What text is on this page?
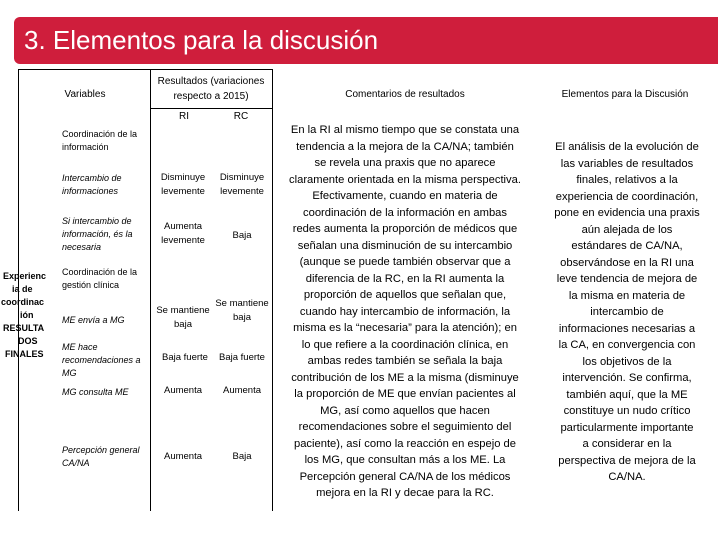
3. Elementos para la discusión
Variables
Resultados (variaciones respecto a 2015)
RI	RC
Comentarios de resultados	Elementos para la Discusión
Experienc
ia de
coordinac
ión
RESULTA
DOS
FINALES
Coordinación de la información
Intercambio de informaciones
Si intercambio de información, és la necesaria
Coordinación de la gestión clínica
ME envía a MG
ME hace recomendaciones a MG
MG consulta ME
Percepción general CA/NA
Disminuye levemente
Aumenta levemente
Se mantiene baja
Baja fuerte
Aumenta
Aumenta
Disminuye levemente
Baja
Se mantiene baja
Baja fuerte
Aumenta
Baja
En la RI al mismo tiempo que se constata una
tendencia a la mejora de la CA/NA; también
se revela una praxis que no aparece
claramente orientada en la misma perspectiva.
Efectivamente, cuando en materia de
coordinación de la información en ambas
redes aumenta la proporción de médicos que
señalan una disminución de su intercambio
(aunque se puede también observar que a
diferencia de la RC, en la RI aumenta la
proporción de aquellos que señalan que,
cuando hay intercambio de información, la
misma es la “necesaria” para la atención); en
lo que refiere a la coordinación clínica, en
ambas redes también se señala la baja
contribución de los ME a la misma (disminuye
la proporción de ME que envían pacientes al
MG, así como aquellos que hacen
recomendaciones sobre el seguimiento del
paciente), así como la reacción en espejo de
los MG, que consultan más a los ME. La
Percepción general CA/NA de los médicos
mejora en la RI y decae para la RC.
El análisis de la evolución de
las variables de resultados
finales, relativos a la
experiencia de coordinación,
pone en evidencia una praxis
aún alejada de los
estándares de CA/NA,
observándose en la RI una
leve tendencia de mejora de
la misma en materia de
intercambio de
informaciones necesarias a
la CA, en convergencia con
los objetivos de la
intervención. Se confirma,
también aquí, que la ME
constituye un nudo crítico
particularmente importante
a considerar en la
perspectiva de mejora de la
CA/NA.
